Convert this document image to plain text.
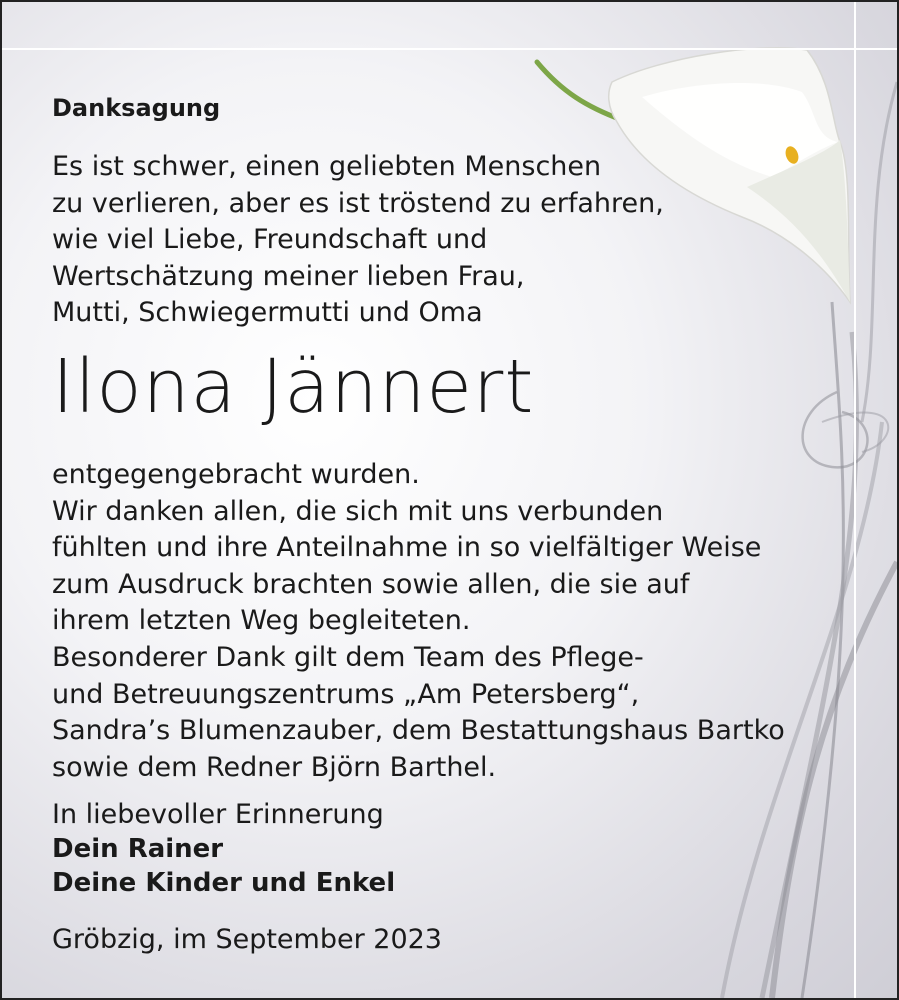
Danksagung

Es ist schwer, einen geliebten Menschen
zu verlieren, aber es ist tröstend zu erfahren,
wie viel Liebe, Freundschaft und
Wertschätzung meiner lieben Frau,
Mutti, Schwiegermutti und Oma

Ilona Jännert

entgegengebracht wurden.
Wir danken allen, die sich mit uns verbunden
fühlten und ihre Anteilnahme in so vielfältiger Weise
zum Ausdruck brachten sowie allen, die sie auf
ihrem letzten Weg begleiteten.
Besonderer Dank gilt dem Team des Pflege-
und Betreuungszentrums „Am Petersberg“,
Sandra’s Blumenzauber, dem Bestattungshaus Bartko
sowie dem Redner Björn Barthel.

In liebevoller Erinnerung

Dein Rainer

Deine Kinder und Enkel

Gröbzig, im September 2023
